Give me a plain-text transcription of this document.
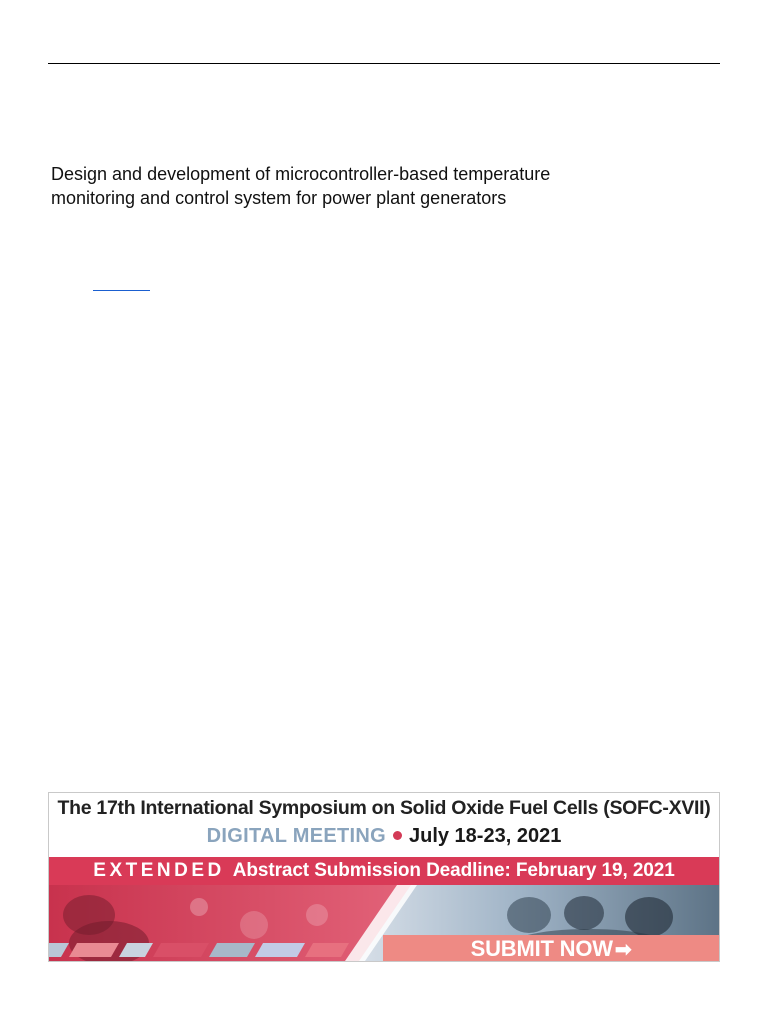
Design and development of microcontroller-based temperature
monitoring and control system for power plant generators
The 17th International Symposium on Solid Oxide Fuel Cells (SOFC-XVII)
DIGITAL MEETING July 18-23, 2021
EXTENDED Abstract Submission Deadline: February 19, 2021
SUBMIT NOW ➡
